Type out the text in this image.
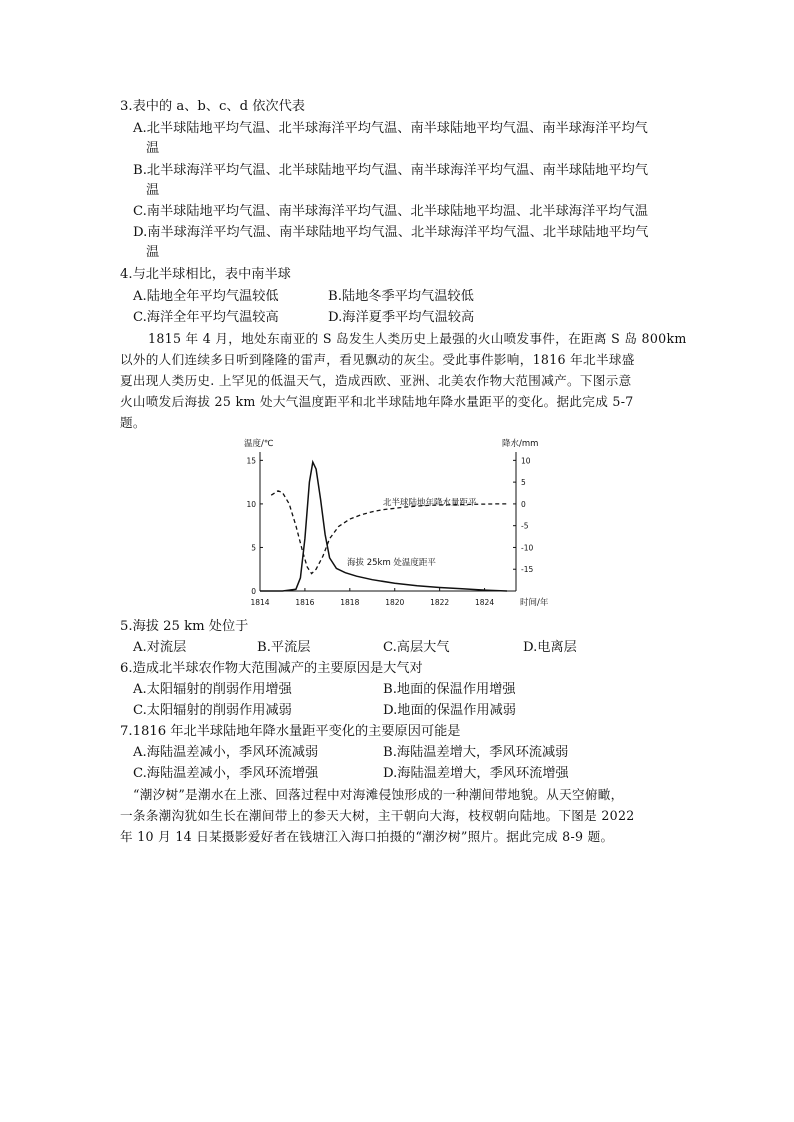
3.表中的 a、b、c、d 依次代表
A.北半球陆地平均气温、北半球海洋平均气温、南半球陆地平均气温、南半球海洋平均气
温
B.北半球海洋平均气温、北半球陆地平均气温、南半球海洋平均气温、南半球陆地平均气
温
C.南半球陆地平均气温、南半球海洋平均气温、北半球陆地平均温、北半球海洋平均气温
D.南半球海洋平均气温、南半球陆地平均气温、北半球海洋平均气温、北半球陆地平均气
温
4.与北半球相比，表中南半球
A.陆地全年平均气温较低	B.陆地冬季平均气温较低
C.海洋全年平均气温较高	D.海洋夏季平均气温较高
1815 年 4 月，地处东南亚的 S 岛发生人类历史上最强的火山喷发事件，在距离 S 岛 800km
以外的人们连续多日听到隆隆的雷声，看见飘动的灰尘。受此事件影响，1816 年北半球盛
夏出现人类历史. 上罕见的低温天气，造成西欧、亚洲、北美农作物大范围减产。下图示意
火山喷发后海拔 25 km 处大气温度距平和北半球陆地年降水量距平的变化。据此完成 5-7
题。
温度/℃	降水/mm
时间/年
1814	1816	1818	1820	1822	1824
0
5
10
15	10
5
0
-5
-10
-15
北半球陆地年降水量距平
海拔 25km 处温度距平
5.海拔 25 km 处位于
A.对流层	B.平流层	C.高层大气	D.电离层
6.造成北半球农作物大范围减产的主要原因是大气对
A.太阳辐射的削弱作用增强	B.地面的保温作用增强
C.太阳辐射的削弱作用减弱	D.地面的保温作用减弱
7.1816 年北半球陆地年降水量距平变化的主要原因可能是
A.海陆温差减小，季风环流减弱	B.海陆温差增大，季风环流减弱
C.海陆温差减小，季风环流增强	D.海陆温差增大，季风环流增强
“潮汐树”是潮水在上涨、回落过程中对海滩侵蚀形成的一种潮间带地貌。从天空俯瞰，
一条条潮沟犹如生长在潮间带上的参天大树，主干朝向大海，枝杈朝向陆地。下图是 2022
年 10 月 14 日某摄影爱好者在钱塘江入海口拍摄的“潮汐树”照片。据此完成 8-9 题。
